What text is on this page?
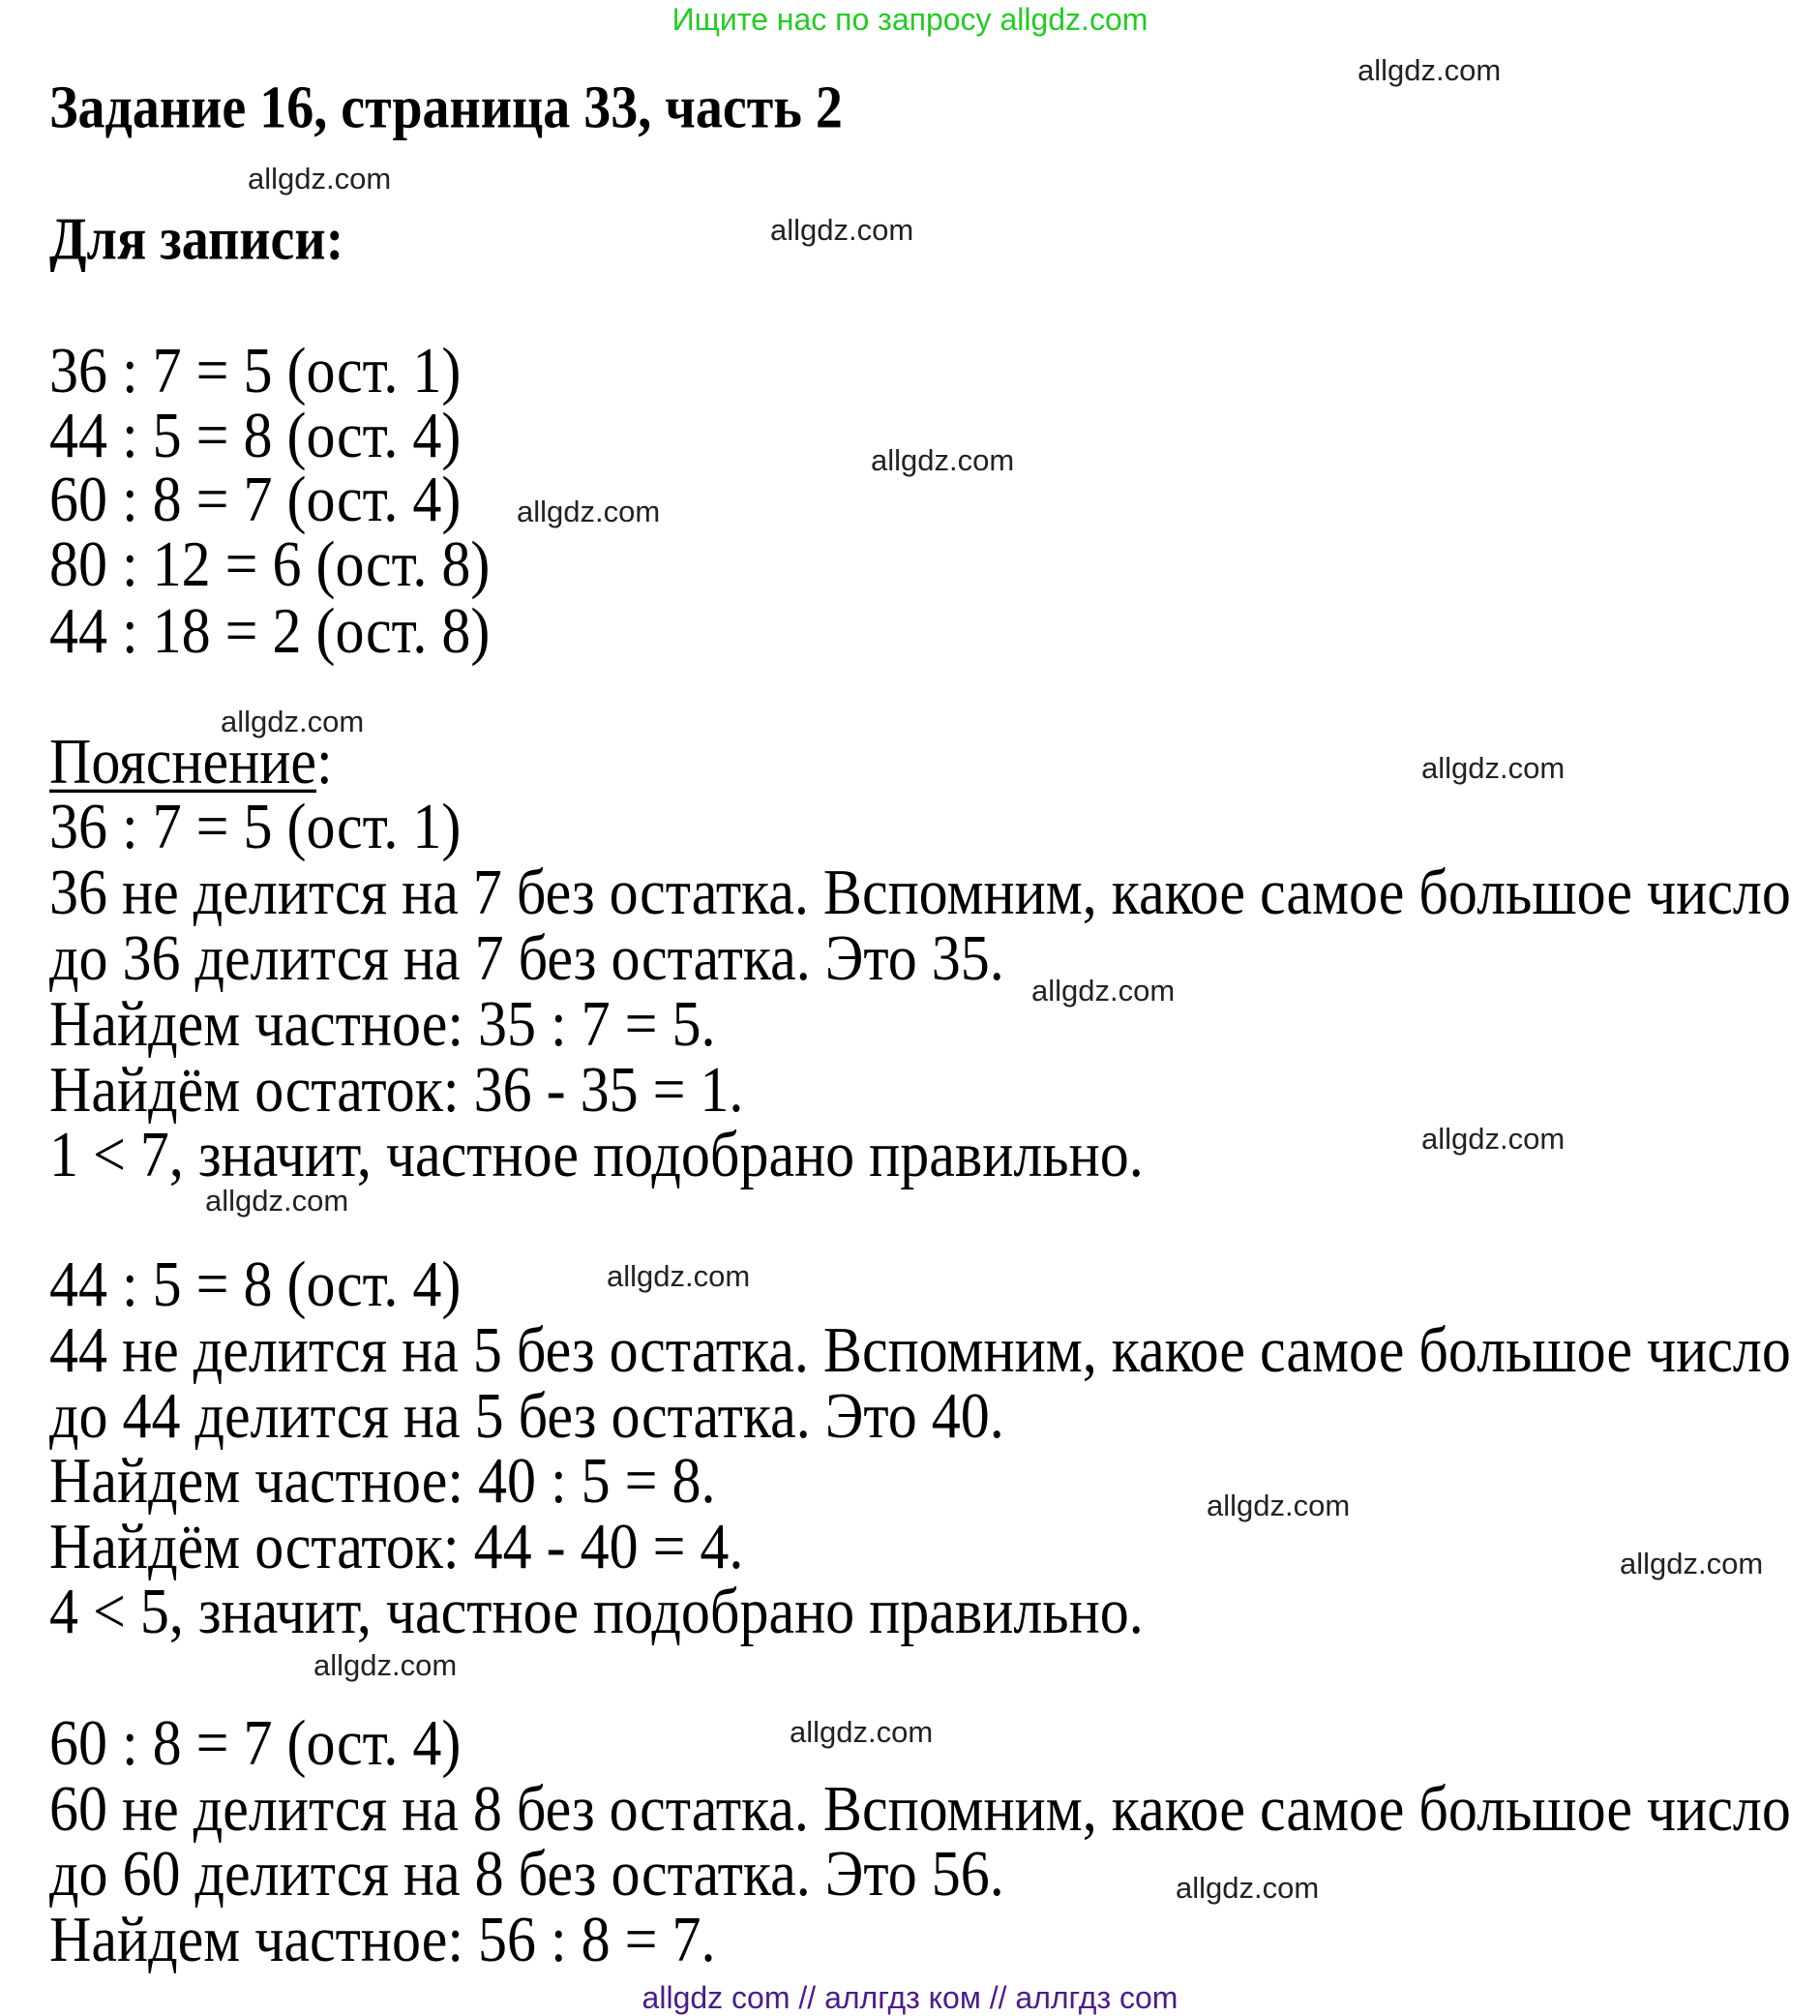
Ищите нас по запросу allgdz.com
Задание 16, страница 33, часть 2
Для записи:
36 : 7 = 5 (ост. 1)
44 : 5 = 8 (ост. 4)
60 : 8 = 7 (ост. 4)
80 : 12 = 6 (ост. 8)
44 : 18 = 2 (ост. 8)
Пояснение:
36 : 7 = 5 (ост. 1)
36 не делится на 7 без остатка. Вспомним, какое самое большое число
до 36 делится на 7 без остатка. Это 35.
Найдем частное: 35 : 7 = 5.
Найдём остаток: 36 - 35 = 1.
1 < 7, значит, частное подобрано правильно.
44 : 5 = 8 (ост. 4)
44 не делится на 5 без остатка. Вспомним, какое самое большое число
до 44 делится на 5 без остатка. Это 40.
Найдем частное: 40 : 5 = 8.
Найдём остаток: 44 - 40 = 4.
4 < 5, значит, частное подобрано правильно.
60 : 8 = 7 (ост. 4)
60 не делится на 8 без остатка. Вспомним, какое самое большое число
до 60 делится на 8 без остатка. Это 56.
Найдем частное: 56 : 8 = 7.
allgdz.com
allgdz.com
allgdz.com
allgdz.com
allgdz.com
allgdz.com
allgdz.com
allgdz.com
allgdz.com
allgdz.com
allgdz.com
allgdz.com
allgdz.com
allgdz.com
allgdz.com
allgdz.com
allgdz com // аллгдз ком // аллгдз com
